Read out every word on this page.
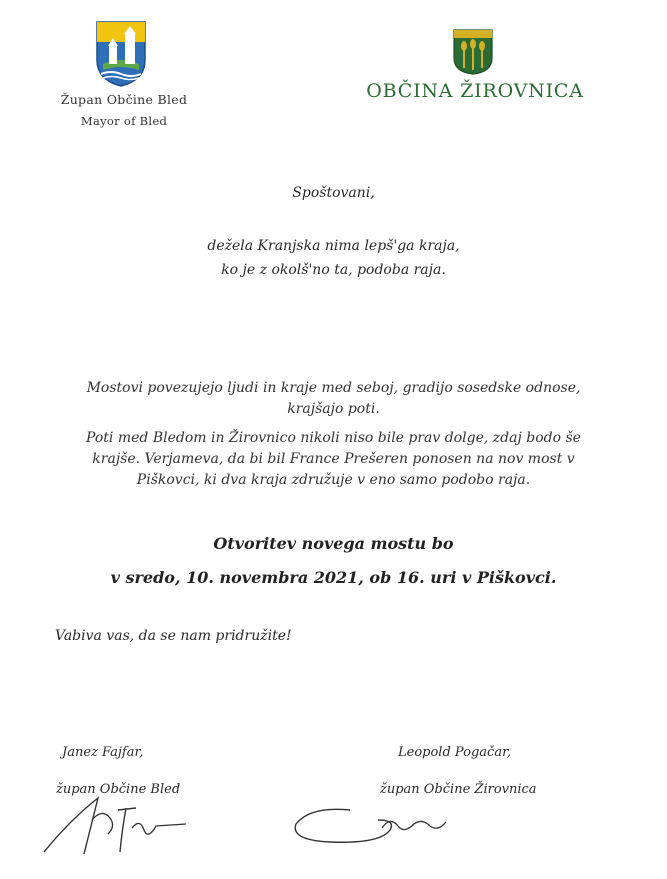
Župan Občine Bled
Mayor of Bled
OBČINA ŽIROVNICA
Spoštovani,
dežela Kranjska nima lepš'ga kraja,
ko je z okolš'no ta, podoba raja.
Mostovi povezujejo ljudi in kraje med seboj, gradijo sosedske odnose, krajšajo poti.
Poti med Bledom in Žirovnico nikoli niso bile prav dolge, zdaj bodo še krajše. Verjameva, da bi bil France Prešeren ponosen na nov most v Piškovci, ki dva kraja združuje v eno samo podobo raja.
Otvoritev novega mostu bo
v sredo, 10. novembra 2021, ob 16. uri v Piškovci.
Vabiva vas, da se nam pridružite!
Janez Fajfar,
župan Občine Bled
Leopold Pogačar,
župan Občine Žirovnica
